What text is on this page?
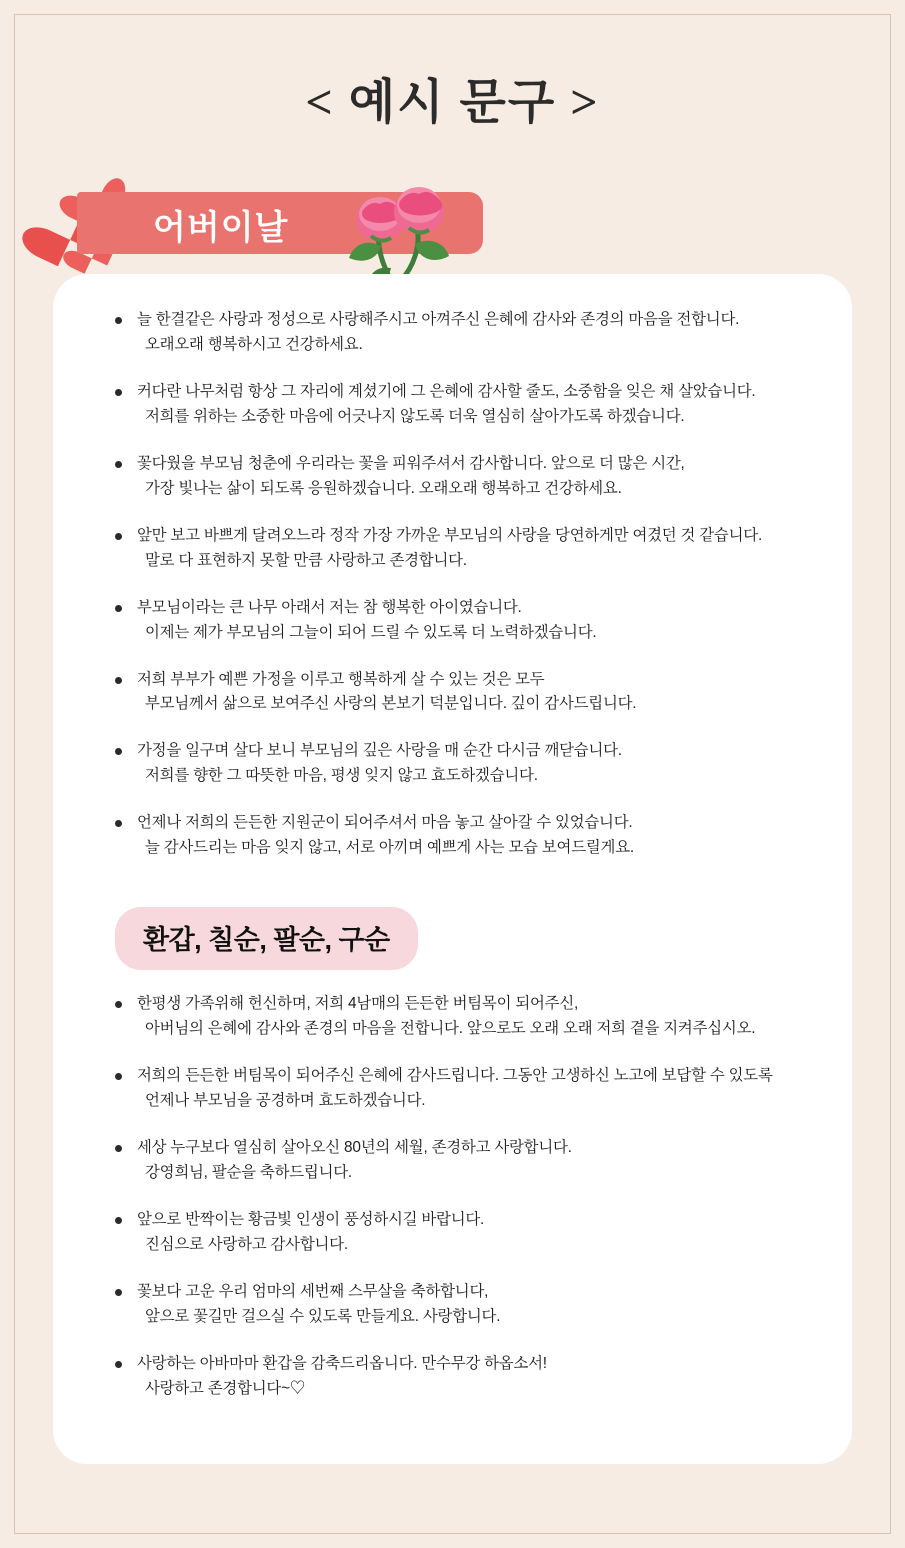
< 예시 문구 >
어버이날
늘 한결같은 사랑과 정성으로 사랑해주시고 아껴주신 은혜에 감사와 존경의 마음을 전합니다.
오래오래 행복하시고 건강하세요.
커다란 나무처럼 항상 그 자리에 계셨기에 그 은혜에 감사할 줄도, 소중함을 잊은 채 살았습니다.
저희를 위하는 소중한 마음에 어긋나지 않도록 더욱 열심히 살아가도록 하겠습니다.
꽃다웠을 부모님 청춘에 우리라는 꽃을 피워주셔서 감사합니다. 앞으로 더 많은 시간,
가장 빛나는 삶이 되도록 응원하겠습니다. 오래오래 행복하고 건강하세요.
앞만 보고 바쁘게 달려오느라 정작 가장 가까운 부모님의 사랑을 당연하게만 여겼던 것 같습니다.
말로 다 표현하지 못할 만큼 사랑하고 존경합니다.
부모님이라는 큰 나무 아래서 저는 참 행복한 아이였습니다.
이제는 제가 부모님의 그늘이 되어 드릴 수 있도록 더 노력하겠습니다.
저희 부부가 예쁜 가정을 이루고 행복하게 살 수 있는 것은 모두
부모님께서 삶으로 보여주신 사랑의 본보기 덕분입니다. 깊이 감사드립니다.
가정을 일구며 살다 보니 부모님의 깊은 사랑을 매 순간 다시금 깨닫습니다.
저희를 향한 그 따뜻한 마음, 평생 잊지 않고 효도하겠습니다.
언제나 저희의 든든한 지원군이 되어주셔서 마음 놓고 살아갈 수 있었습니다.
늘 감사드리는 마음 잊지 않고, 서로 아끼며 예쁘게 사는 모습 보여드릴게요.
환갑, 칠순, 팔순, 구순
한평생 가족위해 헌신하며, 저희 4남매의 든든한 버팀목이 되어주신,
아버님의 은혜에 감사와 존경의 마음을 전합니다. 앞으로도 오래 오래 저희 곁을 지켜주십시오.
저희의 든든한 버팀목이 되어주신 은혜에 감사드립니다. 그동안 고생하신 노고에 보답할 수 있도록
언제나 부모님을 공경하며 효도하겠습니다.
세상 누구보다 열심히 살아오신 80년의 세월, 존경하고 사랑합니다.
강영희님, 팔순을 축하드립니다.
앞으로 반짝이는 황금빛 인생이 풍성하시길 바랍니다.
진심으로 사랑하고 감사합니다.
꽃보다 고운 우리 엄마의 세번째 스무살을 축하합니다,
앞으로 꽃길만 걸으실 수 있도록 만들게요. 사랑합니다.
사랑하는 아바마마 환갑을 감축드리옵니다. 만수무강 하옵소서!
사랑하고 존경합니다~♡
